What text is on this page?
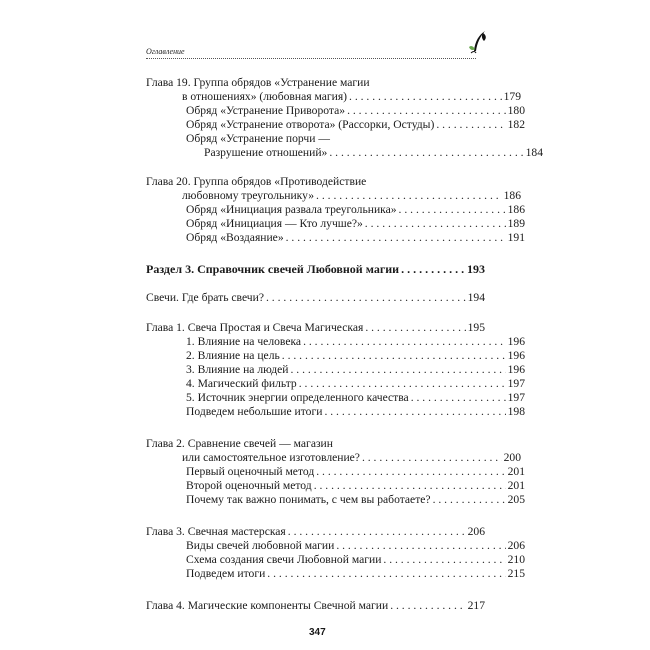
Оглавление
Глава 19. Группа обрядов «Устранение магии
в отношениях» (любовная магия) . . .	179
Обряд «Устранение Приворота» . . .	180
Обряд «Устранение отворота» (Рассорки, Остуды) . . .	182
Обряд «Устранение порчи —
Разрушение отношений» . . .	184
Глава 20. Группа обрядов «Противодействие
любовному треугольнику» . . .	186
Обряд «Инициация развала треугольника» . . .	186
Обряд «Инициация — Кто лучше?» . . .	189
Обряд «Воздаяние» . . .	191
Раздел 3. Справочник свечей Любовной магии . . .	193
Свечи. Где брать свечи? . . .	194
Глава 1. Свеча Простая и Свеча Магическая . . .	195
1. Влияние на человека . . .	196
2. Влияние на цель . . .	196
3. Влияние на людей . . .	196
4. Магический фильтр . . .	197
5. Источник энергии определенного качества . . .	197
Подведем небольшие итоги . . .	198
Глава 2. Сравнение свечей — магазин
или самостоятельное изготовление? . . .	200
Первый оценочный метод . . .	201
Второй оценочный метод . . .	201
Почему так важно понимать, с чем вы работаете? . . .	205
Глава 3. Свечная мастерская . . .	206
Виды свечей любовной магии . . .	206
Схема создания свечи Любовной магии . . .	210
Подведем итоги . . .	215
Глава 4. Магические компоненты Свечной магии . . .	217
347
